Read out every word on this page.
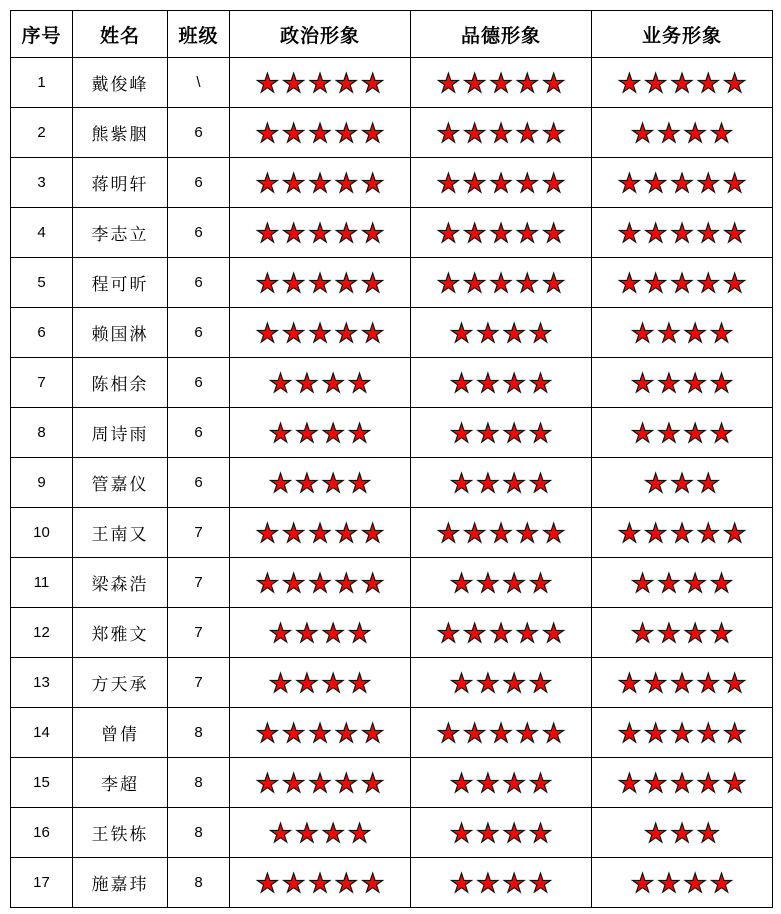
序号	姓名	班级	政治形象	品德形象	业务形象
1	戴俊峰	\	★ ★ ★ ★ ★	★ ★ ★ ★ ★	★ ★ ★ ★ ★

2	熊紫胭	6	★ ★ ★ ★ ★	★ ★ ★ ★ ★	★ ★ ★ ★

3	蒋明轩	6	★ ★ ★ ★ ★	★ ★ ★ ★ ★	★ ★ ★ ★ ★

4	李志立	6	★ ★ ★ ★ ★	★ ★ ★ ★ ★	★ ★ ★ ★ ★

5	程可昕	6	★ ★ ★ ★ ★	★ ★ ★ ★ ★	★ ★ ★ ★ ★

6	赖国淋	6	★ ★ ★ ★ ★	★ ★ ★ ★	★ ★ ★ ★

7	陈相余	6	★ ★ ★ ★	★ ★ ★ ★	★ ★ ★ ★

8	周诗雨	6	★ ★ ★ ★	★ ★ ★ ★	★ ★ ★ ★

9	管嘉仪	6	★ ★ ★ ★	★ ★ ★ ★	★ ★ ★

10	王南又	7	★ ★ ★ ★ ★	★ ★ ★ ★ ★	★ ★ ★ ★ ★

11	梁森浩	7	★ ★ ★ ★ ★	★ ★ ★ ★	★ ★ ★ ★

12	郑雅文	7	★ ★ ★ ★	★ ★ ★ ★ ★	★ ★ ★ ★

13	方天承	7	★ ★ ★ ★	★ ★ ★ ★	★ ★ ★ ★ ★

14	曾倩	8	★ ★ ★ ★ ★	★ ★ ★ ★ ★	★ ★ ★ ★ ★

15	李超	8	★ ★ ★ ★ ★	★ ★ ★ ★	★ ★ ★ ★ ★

16	王铁栋	8	★ ★ ★ ★	★ ★ ★ ★	★ ★ ★

17	施嘉玮	8	★ ★ ★ ★ ★	★ ★ ★ ★	★ ★ ★ ★
